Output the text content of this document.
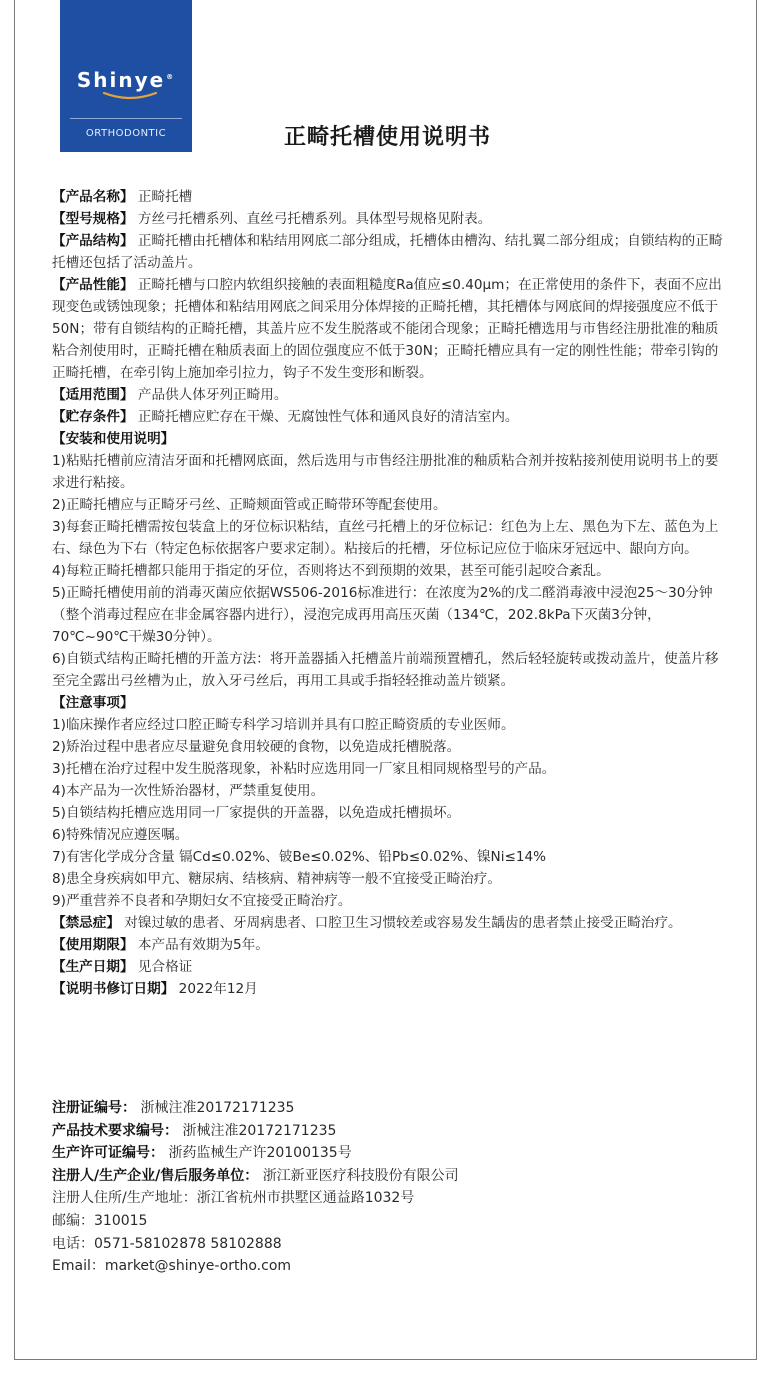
Shinye®
ORTHODONTIC	正畸托槽使用说明书

【产品名称】 正畸托槽

【型号规格】 方丝弓托槽系列、直丝弓托槽系列。具体型号规格见附表。

【产品结构】 正畸托槽由托槽体和粘结用网底二部分组成，托槽体由槽沟、结扎翼二部分组成；自锁结构的正畸托槽还包括了活动盖片。

【产品性能】 正畸托槽与口腔内软组织接触的表面粗糙度Ra值应≤0.40μm；在正常使用的条件下，表面不应出现变色或锈蚀现象；托槽体和粘结用网底之间采用分体焊接的正畸托槽，其托槽体与网底间的焊接强度应不低于50N；带有自锁结构的正畸托槽，其盖片应不发生脱落或不能闭合现象；正畸托槽选用与市售经注册批准的釉质粘合剂使用时，正畸托槽在釉质表面上的固位强度应不低于30N；正畸托槽应具有一定的刚性性能；带牵引钩的正畸托槽，在牵引钩上施加牵引拉力，钩子不发生变形和断裂。

【适用范围】 产品供人体牙列正畸用。

【贮存条件】 正畸托槽应贮存在干燥、无腐蚀性气体和通风良好的清洁室内。

【安装和使用说明】

1)粘贴托槽前应清洁牙面和托槽网底面，然后选用与市售经注册批准的釉质粘合剂并按粘接剂使用说明书上的要求进行粘接。

2)正畸托槽应与正畸牙弓丝、正畸颊面管或正畸带环等配套使用。

3)每套正畸托槽需按包装盒上的牙位标识粘结，直丝弓托槽上的牙位标记：红色为上左、黑色为下左、蓝色为上右、绿色为下右（特定色标依据客户要求定制）。粘接后的托槽，牙位标记应位于临床牙冠远中、龈向方向。

4)每粒正畸托槽都只能用于指定的牙位，否则将达不到预期的效果，甚至可能引起咬合紊乱。

5)正畸托槽使用前的消毒灭菌应依据WS506-2016标准进行：在浓度为2%的戊二醛消毒液中浸泡25～30分钟（整个消毒过程应在非金属容器内进行），浸泡完成再用高压灭菌（134℃，202.8kPa下灭菌3分钟，70℃~90℃干燥30分钟）。

6)自锁式结构正畸托槽的开盖方法：将开盖器插入托槽盖片前端预置槽孔，然后轻轻旋转或拨动盖片，使盖片移至完全露出弓丝槽为止，放入牙弓丝后，再用工具或手指轻轻推动盖片锁紧。

【注意事项】

1)临床操作者应经过口腔正畸专科学习培训并具有口腔正畸资质的专业医师。

2)矫治过程中患者应尽量避免食用较硬的食物，以免造成托槽脱落。

3)托槽在治疗过程中发生脱落现象，补粘时应选用同一厂家且相同规格型号的产品。

4)本产品为一次性矫治器材，严禁重复使用。

5)自锁结构托槽应选用同一厂家提供的开盖器，以免造成托槽损坏。

6)特殊情况应遵医嘱。

7)有害化学成分含量 镉Cd≤0.02%、铍Be≤0.02%、铅Pb≤0.02%、镍Ni≤14%

8)患全身疾病如甲亢、糖尿病、结核病、精神病等一般不宜接受正畸治疗。

9)严重营养不良者和孕期妇女不宜接受正畸治疗。

【禁忌症】 对镍过敏的患者、牙周病患者、口腔卫生习惯较差或容易发生龋齿的患者禁止接受正畸治疗。

【使用期限】 本产品有效期为5年。

【生产日期】 见合格证

【说明书修订日期】 2022年12月

注册证编号： 浙械注准20172171235

产品技术要求编号： 浙械注准20172171235

生产许可证编号： 浙药监械生产许20100135号

注册人/生产企业/售后服务单位： 浙江新亚医疗科技股份有限公司

注册人住所/生产地址：浙江省杭州市拱墅区通益路1032号

邮编：310015

电话：0571-58102878 58102888

Email：market@shinye-ortho.com
